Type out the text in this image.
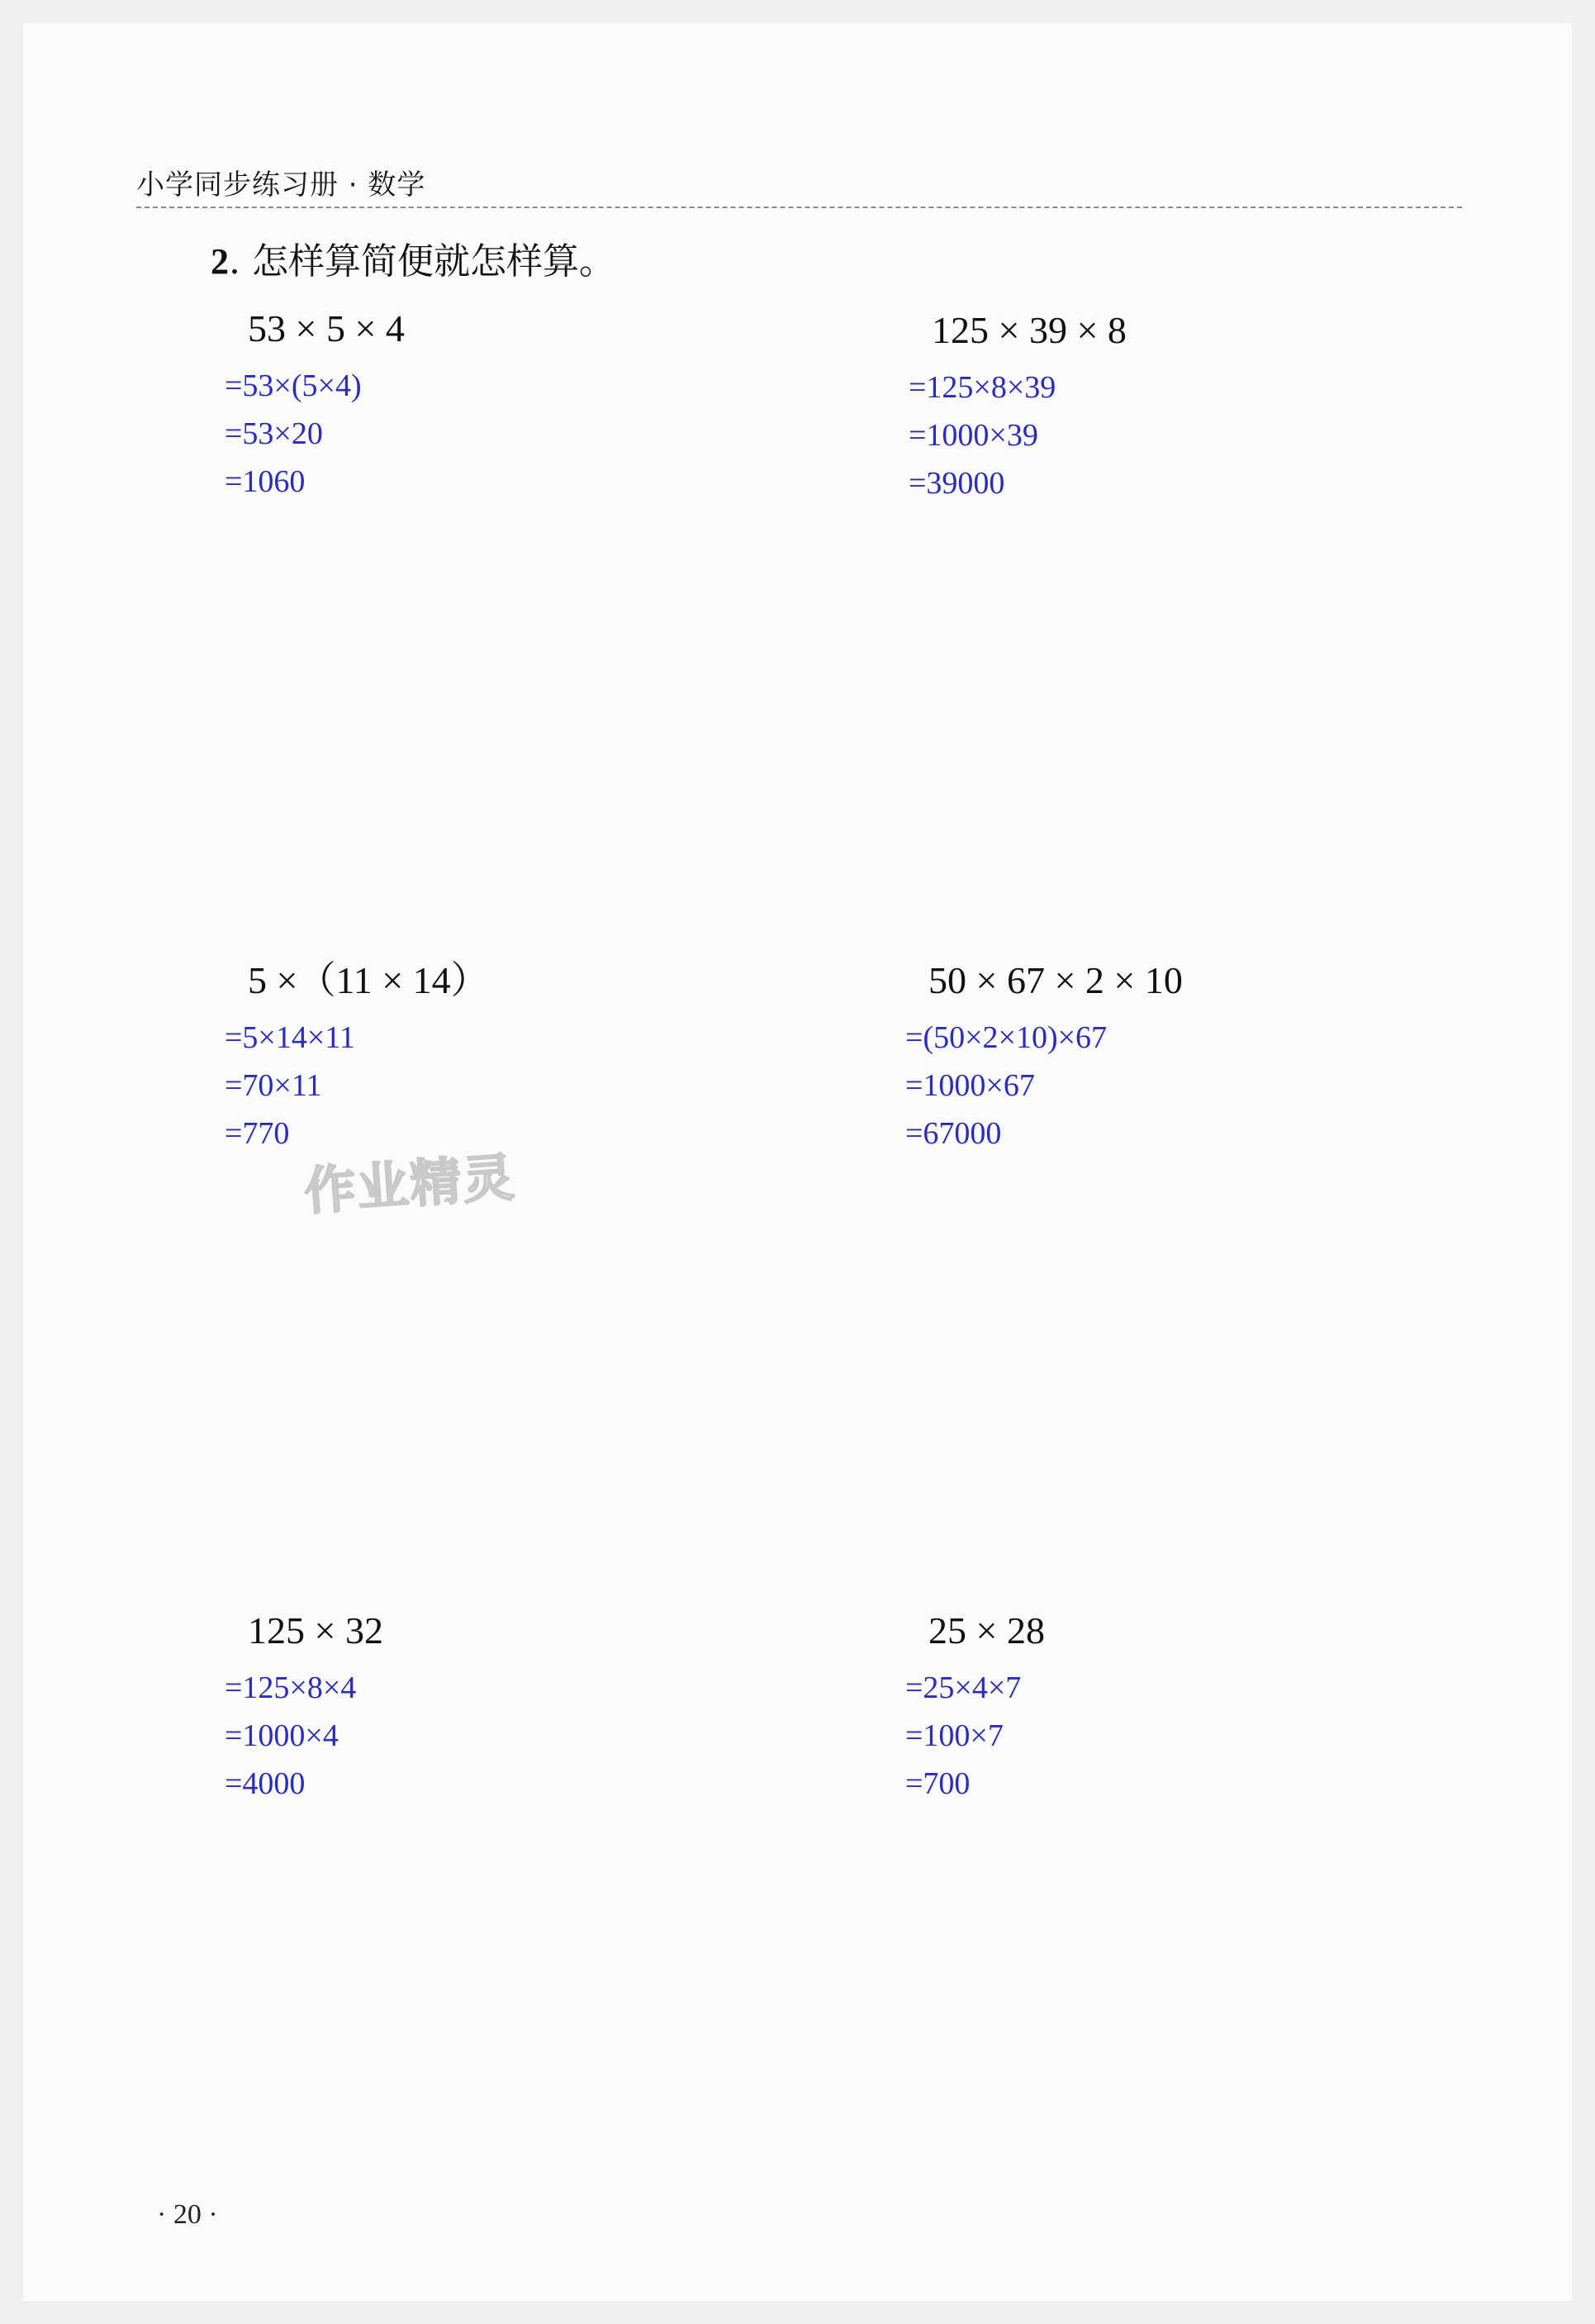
小学同步练习册 · 数学
2. 怎样算简便就怎样算。
53 × 5 × 4
=53×(5×4)
=53×20
=1060
125 × 39 × 8
=125×8×39
=1000×39
=39000
5 ×（11 × 14）
=5×14×11
=70×11
=770
50 × 67 × 2 × 10
=(50×2×10)×67
=1000×67
=67000
125 × 32
=125×8×4
=1000×4
=4000
25 × 28
=25×4×7
=100×7
=700
作业精灵
· 20 ·
